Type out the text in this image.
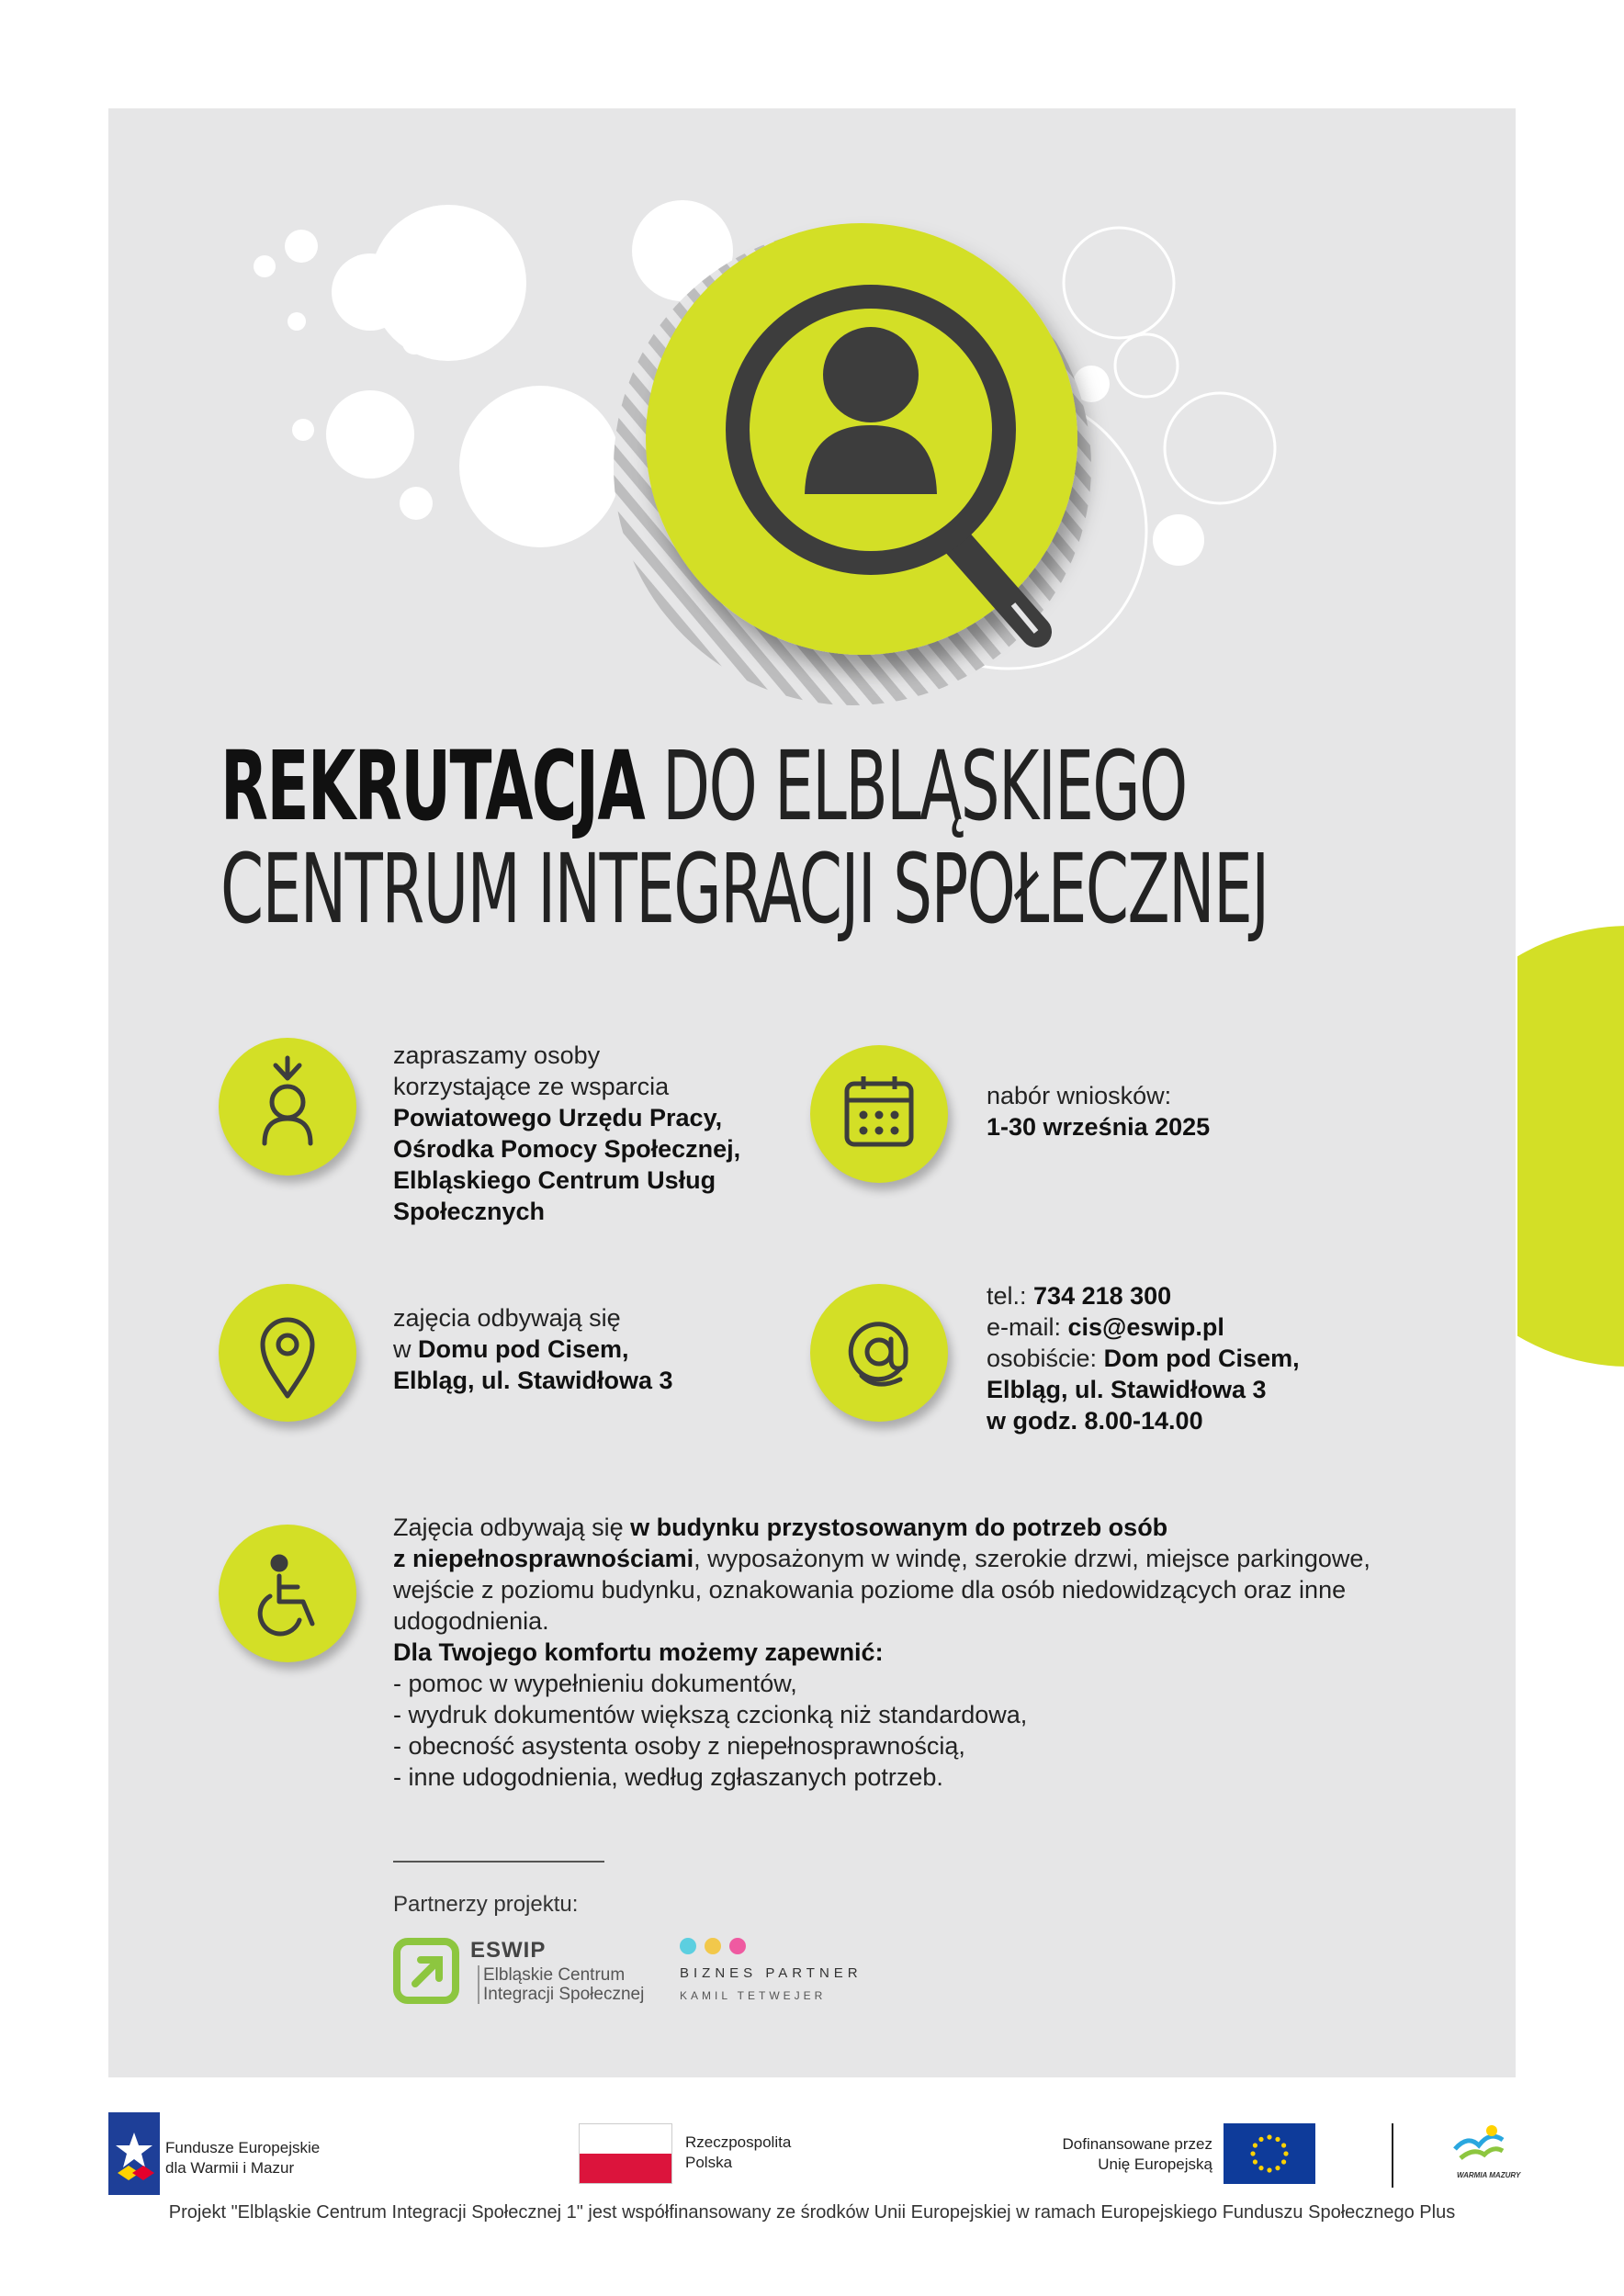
REKRUTACJA DO ELBLĄSKIEGO
CENTRUM INTEGRACJI SPOŁECZNEJ

zapraszamy osoby

korzystające ze wsparcia

Powiatowego Urzędu Pracy,

Ośrodka Pomocy Społecznej,

Elbląskiego Centrum Usług

Społecznych

nabór wniosków:

1-30 września 2025

zajęcia odbywają się

w Domu pod Cisem,

Elbląg, ul. Stawidłowa 3

tel.: 734 218 300

e-mail: cis@eswip.pl

osobiście: Dom pod Cisem,

Elbląg, ul. Stawidłowa 3

w godz. 8.00-14.00

Zajęcia odbywają się w budynku przystosowanym do potrzeb osób

z niepełnosprawnościami, wyposażonym w windę, szerokie drzwi, miejsce parkingowe,

wejście z poziomu budynku, oznakowania poziome dla osób niedowidzących oraz inne

udogodnienia.

Dla Twojego komfortu możemy zapewnić:

- pomoc w wypełnieniu dokumentów,

- wydruk dokumentów większą czcionką niż standardowa,

- obecność asystenta osoby z niepełnosprawnością,

- inne udogodnienia, według zgłaszanych potrzeb.

Partnerzy projektu:
ESWIP
Elbląskie Centrum
Integracji Społecznej
BIZNES PARTNER
KAMIL TETWEJER
Fundusze Europejskie
dla Warmii i Mazur
Rzeczpospolita
Polska
Dofinansowane przez
Unię Europejską
WARMIA MAZURY
Projekt "Elbląskie Centrum Integracji Społecznej 1" jest współfinansowany ze środków Unii Europejskiej w ramach Europejskiego Funduszu Społecznego Plus
